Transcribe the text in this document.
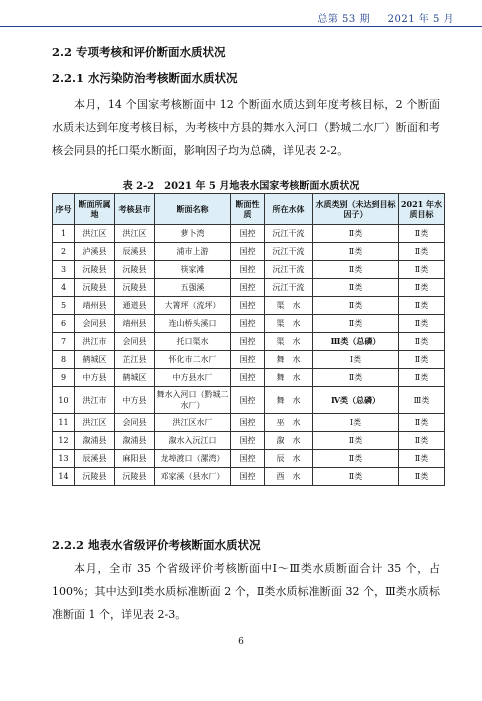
总第 53 期 2021 年 5 月
2.2 专项考核和评价断面水质状况
2.2.1 水污染防治考核断面水质状况
本月，14 个国家考核断面中 12 个断面水质达到年度考核目标，2 个断面水质未达到年度考核目标，为考核中方县的舞水入河口（黔城二水厂）断面和考核会同县的托口渠水断面，影响因子均为总磷，详见表 2-2。
表 2-2　2021 年 5 月地表水国家考核断面水质状况
序号	断面所属地	考核县市	断面名称	断面性质	所在水体	水质类别（未达到目标因子）	2021 年水质目标
1	洪江区	洪江区	萝卜湾	国控	沅江干流	Ⅱ类	Ⅱ类
2	泸溪县	辰溪县	浦市上游	国控	沅江干流	Ⅱ类	Ⅱ类
3	沅陵县	沅陵县	筷家滩	国控	沅江干流	Ⅱ类	Ⅱ类
4	沅陵县	沅陵县	五强溪	国控	沅江干流	Ⅱ类	Ⅱ类
5	靖州县	通道县	大箐坪（流坪）	国控	渠　水	Ⅱ类	Ⅱ类
6	会同县	靖州县	连山桥头溪口	国控	渠　水	Ⅱ类	Ⅱ类
7	洪江市	会同县	托口渠水	国控	渠　水	Ⅲ类（总磷）	Ⅱ类
8	鹤城区	芷江县	怀化市二水厂	国控	舞　水	Ⅰ类	Ⅱ类
9	中方县	鹤城区	中方县水厂	国控	舞　水	Ⅱ类	Ⅱ类
10	洪江市	中方县	舞水入河口（黔城二水厂）	国控	舞　水	Ⅳ类（总磷）	Ⅲ类
11	洪江区	会同县	洪江区水厂	国控	巫　水	Ⅰ类	Ⅱ类
12	溆浦县	溆浦县	溆水入沅江口	国控	溆　水	Ⅱ类	Ⅱ类
13	辰溪县	麻阳县	龙埠渡口（漯湾）	国控	辰　水	Ⅱ类	Ⅱ类
14	沅陵县	沅陵县	邓家溪（县水厂）	国控	酉　水	Ⅱ类	Ⅱ类
2.2.2 地表水省级评价考核断面水质状况
本月，全市 35 个省级评价考核断面中Ⅰ～Ⅲ类水质断面合计 35 个，占 100%；其中达到Ⅰ类水质标准断面 2 个，Ⅱ类水质标准断面 32 个，Ⅲ类水质标准断面 1 个，详见表 2-3。
6
